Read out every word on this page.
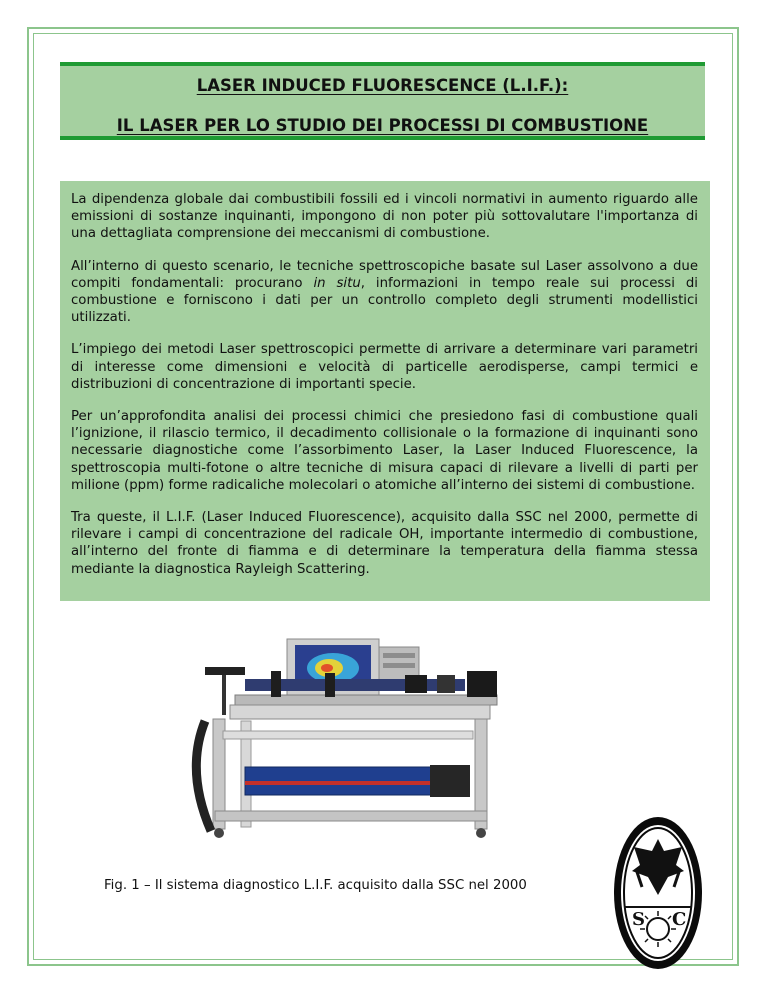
LASER INDUCED FLUORESCENCE (L.I.F.):
IL LASER PER LO STUDIO DEI PROCESSI DI COMBUSTIONE

La dipendenza globale dai combustibili fossili ed i vincoli normativi in aumento riguardo alle emissioni di sostanze inquinanti, impongono di non poter più sottovalutare l'importanza di una dettagliata comprensione dei meccanismi di combustione.

All’interno di questo scenario, le tecniche spettroscopiche basate sul Laser assolvono a due compiti fondamentali: procurano in situ, informazioni in tempo reale sui processi di combustione e forniscono i dati per un controllo completo degli strumenti modellistici utilizzati.

L’impiego dei metodi Laser spettroscopici permette di arrivare a determinare vari parametri di interesse come dimensioni e velocità di particelle aerodisperse, campi termici e distribuzioni di concentrazione di importanti specie.

Per un’approfondita analisi dei processi chimici che presiedono fasi di combustione quali l’ignizione, il rilascio termico, il decadimento collisionale o la formazione di inquinanti sono necessarie diagnostiche come l’assorbimento Laser, la Laser Induced Fluorescence, la spettroscopia multi-fotone o altre tecniche di misura capaci di rilevare a livelli di parti per milione (ppm) forme radicaliche molecolari o atomiche all’interno dei sistemi di combustione.

Tra queste, il L.I.F. (Laser Induced Fluorescence), acquisito dalla SSC nel 2000, permette di rilevare i campi di concentrazione del radicale OH, importante intermedio di combustione, all’interno del fronte di fiamma e di determinare la temperatura della fiamma stessa mediante la diagnostica Rayleigh Scattering.

S C
Fig. 1 – Il sistema diagnostico L.I.F. acquisito dalla SSC nel 2000
